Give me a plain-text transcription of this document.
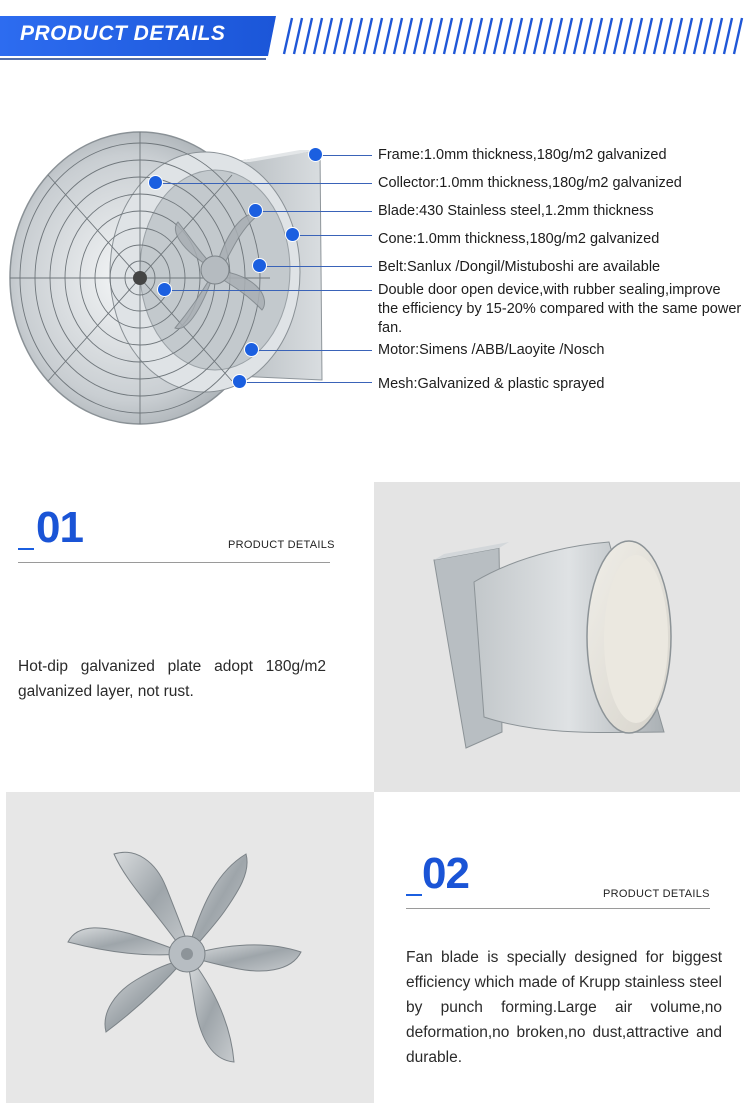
PRODUCT DETAILS
Frame:1.0mm thickness,180g/m2 galvanized
Collector:1.0mm thickness,180g/m2 galvanized
Blade:430 Stainless steel,1.2mm thickness
Cone:1.0mm thickness,180g/m2 galvanized
Belt:Sanlux /Dongil/Mistuboshi are available
Double door open device,with rubber sealing,improve the efficiency by 15-20% compared with the same power fan.
Motor:Simens /ABB/Laoyite /Nosch
Mesh:Galvanized & plastic sprayed
01	PRODUCT DETAILS
Hot-dip galvanized plate adopt 180g/m2 galvanized layer, not rust.
02	PRODUCT DETAILS
Fan blade is specially designed for biggest efficiency which made of Krupp stainless steel by punch forming.Large air volume,no deformation,no broken,no dust,attractive and durable.
